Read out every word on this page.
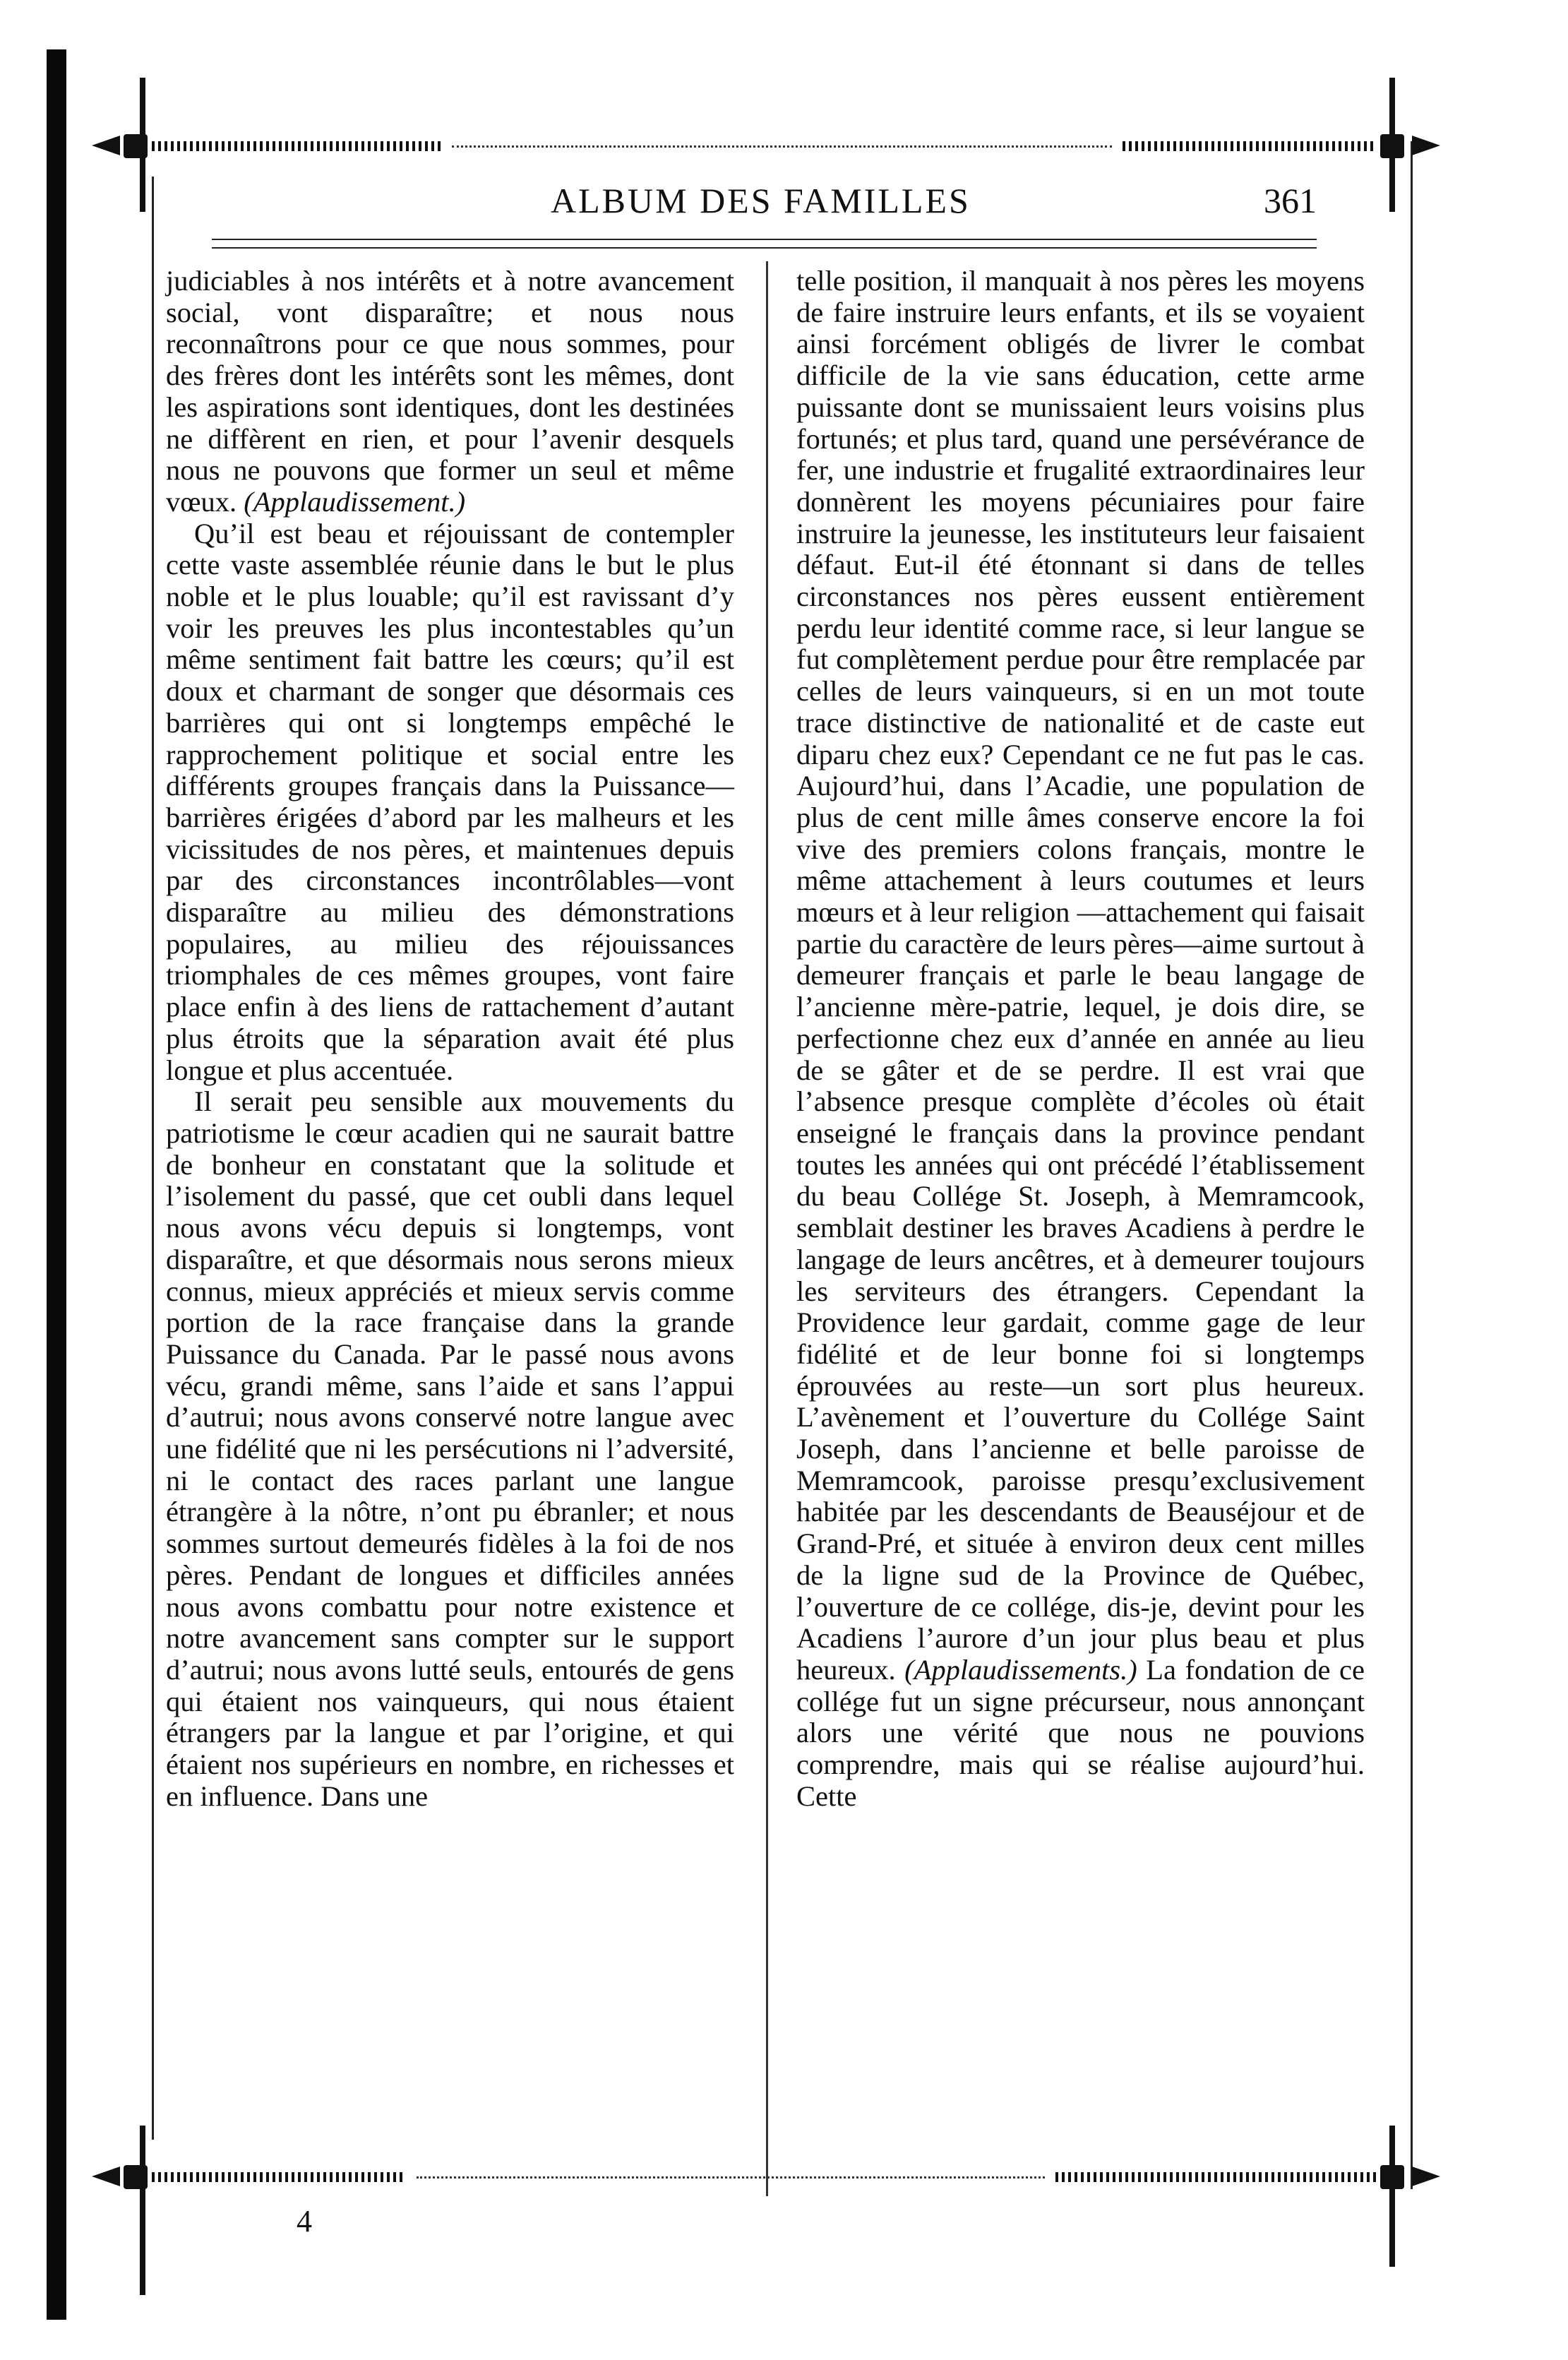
ALBUM DES FAMILLES	361

judiciables à nos intérêts et à notre avancement social, vont disparaître; et nous nous reconnaîtrons pour ce que nous sommes, pour des frères dont les intérêts sont les mêmes, dont les aspirations sont identiques, dont les destinées ne diffèrent en rien, et pour l’avenir desquels nous ne pouvons que former un seul et même vœux. (Applaudissement.)

Qu’il est beau et réjouissant de contempler cette vaste assemblée réunie dans le but le plus noble et le plus louable; qu’il est ravissant d’y voir les preuves les plus incontestables qu’un même sentiment fait battre les cœurs; qu’il est doux et charmant de songer que désormais ces barrières qui ont si longtemps empêché le rapprochement politique et social entre les différents groupes français dans la Puissance—barrières érigées d’abord par les malheurs et les vicissitudes de nos pères, et maintenues depuis par des circonstances incontrôlables—vont disparaître au milieu des démonstrations populaires, au milieu des réjouissances triomphales de ces mêmes groupes, vont faire place enfin à des liens de rattachement d’autant plus étroits que la séparation avait été plus longue et plus accentuée.

Il serait peu sensible aux mouvements du patriotisme le cœur acadien qui ne saurait battre de bonheur en constatant que la solitude et l’isolement du passé, que cet oubli dans lequel nous avons vécu depuis si longtemps, vont disparaître, et que désormais nous serons mieux connus, mieux appréciés et mieux servis comme portion de la race française dans la grande Puissance du Canada. Par le passé nous avons vécu, grandi même, sans l’aide et sans l’appui d’autrui; nous avons conservé notre langue avec une fidélité que ni les persécutions ni l’adversité, ni le contact des races parlant une langue étrangère à la nôtre, n’ont pu ébranler; et nous sommes surtout demeurés fidèles à la foi de nos pères. Pendant de longues et difficiles années nous avons combattu pour notre existence et notre avancement sans compter sur le support d’autrui; nous avons lutté seuls, entourés de gens qui étaient nos vainqueurs, qui nous étaient étrangers par la langue et par l’origine, et qui étaient nos supérieurs en nombre, en richesses et en influence. Dans une

telle position, il manquait à nos pères les moyens de faire instruire leurs enfants, et ils se voyaient ainsi forcément obligés de livrer le combat difficile de la vie sans éducation, cette arme puissante dont se munissaient leurs voisins plus fortunés; et plus tard, quand une persévérance de fer, une industrie et frugalité extraordinaires leur donnèrent les moyens pécuniaires pour faire instruire la jeunesse, les instituteurs leur faisaient défaut. Eut-il été étonnant si dans de telles circonstances nos pères eussent entièrement perdu leur identité comme race, si leur langue se fut complètement perdue pour être remplacée par celles de leurs vainqueurs, si en un mot toute trace distinctive de nationalité et de caste eut diparu chez eux? Cependant ce ne fut pas le cas. Aujourd’hui, dans l’Acadie, une population de plus de cent mille âmes conserve encore la foi vive des premiers colons français, montre le même attachement à leurs coutumes et leurs mœurs et à leur religion —attachement qui faisait partie du caractère de leurs pères—aime surtout à demeurer français et parle le beau langage de l’ancienne mère-patrie, lequel, je dois dire, se perfectionne chez eux d’année en année au lieu de se gâter et de se perdre. Il est vrai que l’absence presque complète d’écoles où était enseigné le français dans la province pendant toutes les années qui ont précédé l’établissement du beau Collége St. Joseph, à Memramcook, semblait destiner les braves Acadiens à perdre le langage de leurs ancêtres, et à demeurer toujours les serviteurs des étrangers. Cependant la Providence leur gardait, comme gage de leur fidélité et de leur bonne foi si longtemps éprouvées au reste—un sort plus heureux. L’avènement et l’ouverture du Collége Saint Joseph, dans l’ancienne et belle paroisse de Memramcook, paroisse presqu’exclusivement habitée par les descendants de Beauséjour et de Grand-Pré, et située à environ deux cent milles de la ligne sud de la Province de Québec, l’ouverture de ce collége, dis-je, devint pour les Acadiens l’aurore d’un jour plus beau et plus heureux. (Applaudissements.) La fondation de ce collége fut un signe précurseur, nous annonçant alors une vérité que nous ne pouvions comprendre, mais qui se réalise aujourd’hui. Cette

4
